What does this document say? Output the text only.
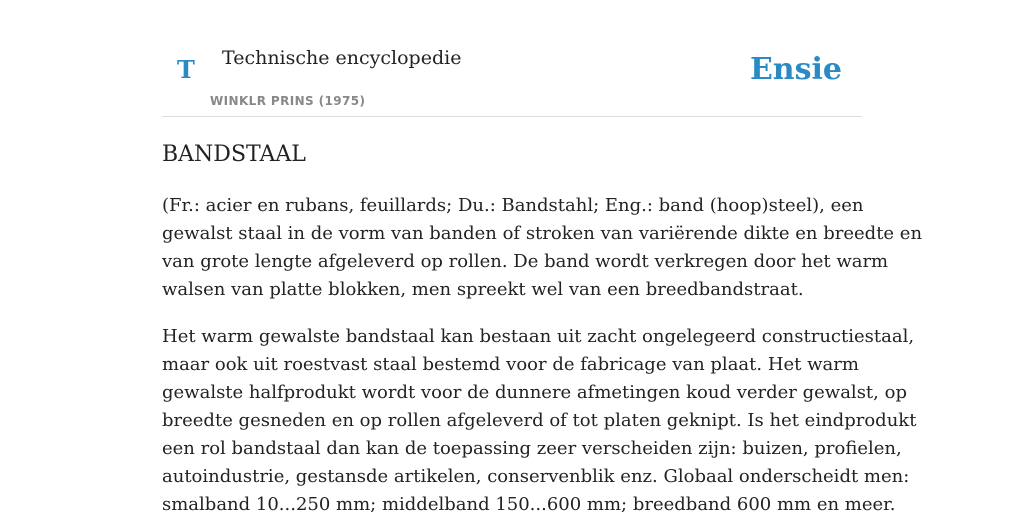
T Technische encyclopedie
WINKLR PRINS (1975)
Ensie
BANDSTAAL

(Fr.: acier en rubans, feuillards; Du.: Bandstahl; Eng.: band (hoop)steel), een
gewalst staal in de vorm van banden of stroken van variërende dikte en breedte en
van grote lengte afgeleverd op rollen. De band wordt verkregen door het warm
walsen van platte blokken, men spreekt wel van een breedbandstraat.

Het warm gewalste bandstaal kan bestaan uit zacht ongelegeerd constructiestaal,
maar ook uit roestvast staal bestemd voor de fabricage van plaat. Het warm
gewalste halfprodukt wordt voor de dunnere afmetingen koud verder gewalst, op
breedte gesneden en op rollen afgeleverd of tot platen geknipt. Is het eindprodukt
een rol bandstaal dan kan de toepassing zeer verscheiden zijn: buizen, profielen,
autoindustrie, gestansde artikelen, conservenblik enz. Globaal onderscheidt men:
smalband 10...250 mm; middelband 150...600 mm; breedband 600 mm en meer.
